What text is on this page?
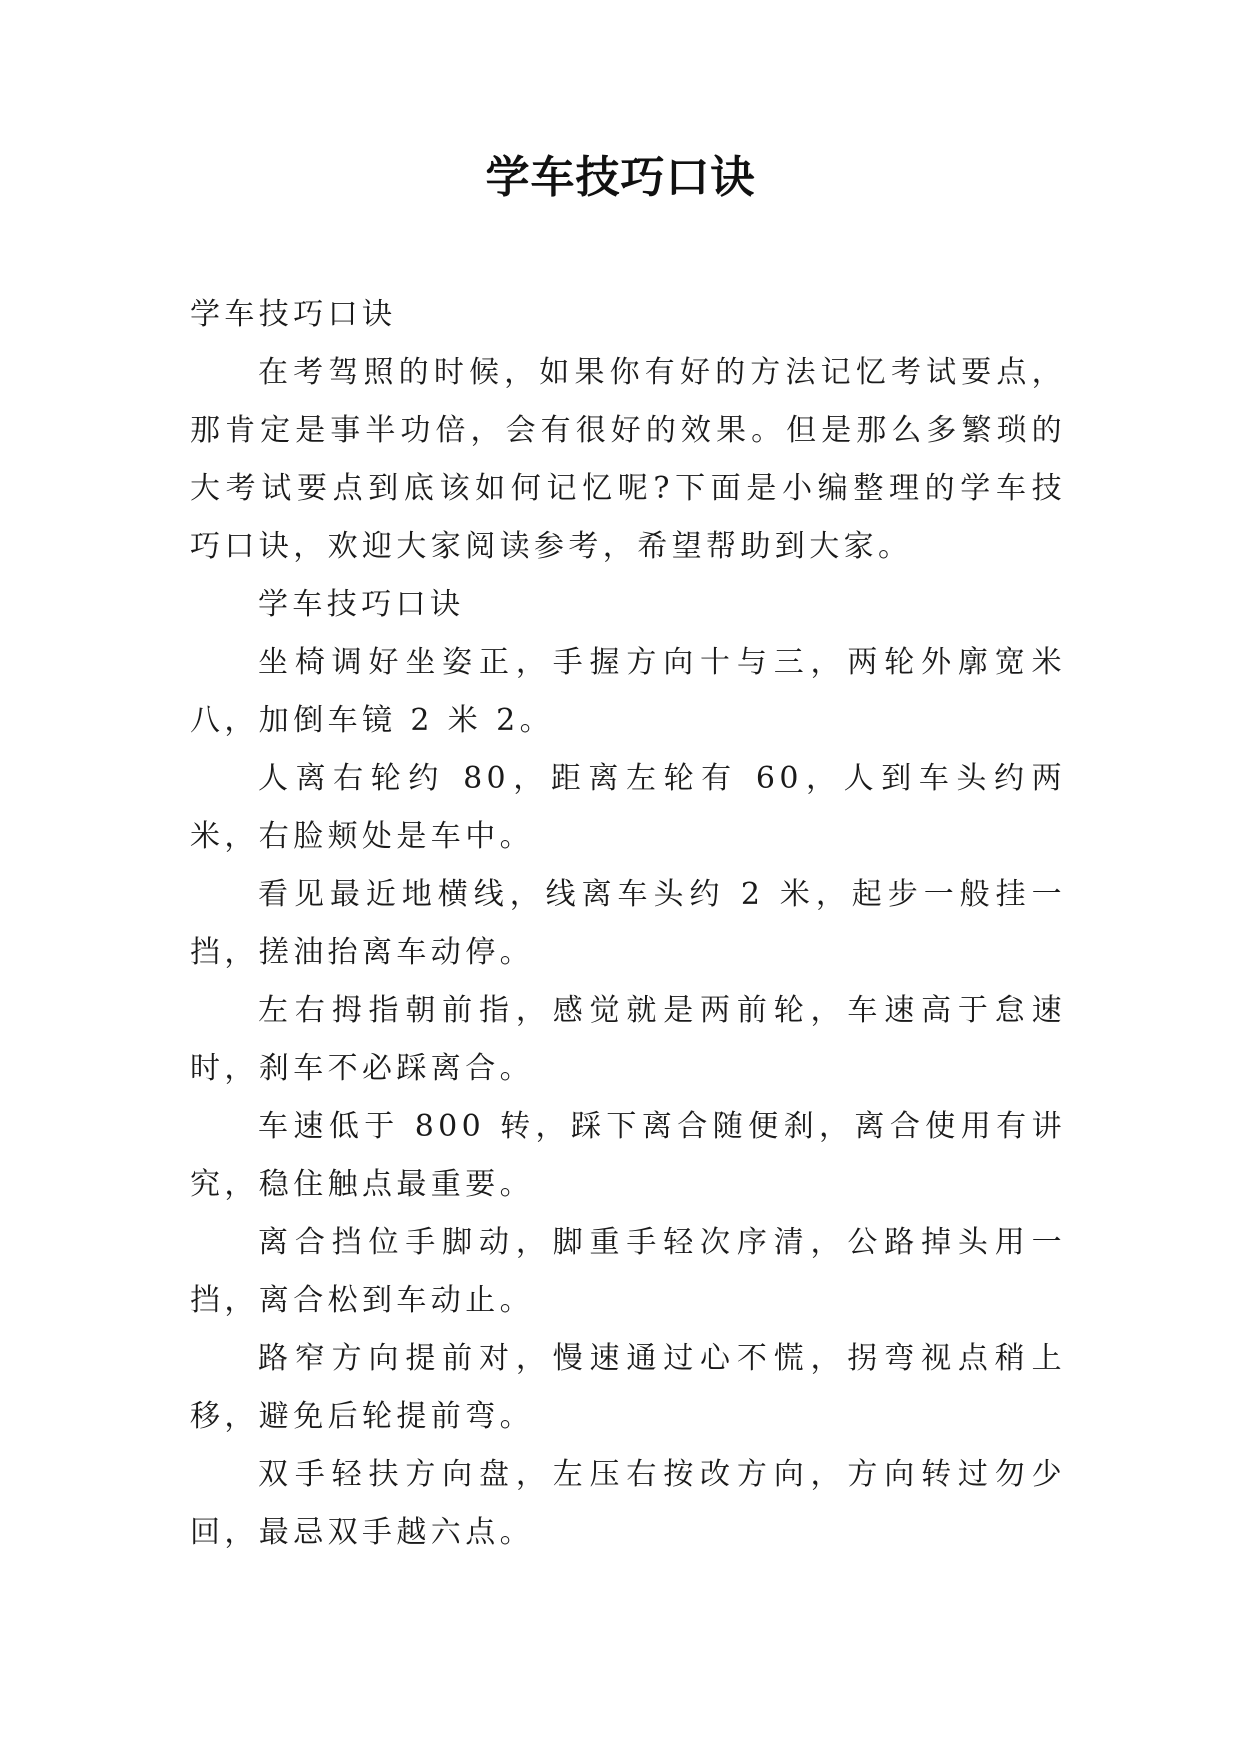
学车技巧口诀

学车技巧口诀

在考驾照的时候，如果你有好的方法记忆考试要点，那肯定是事半功倍，会有很好的效果。但是那么多繁琐的大考试要点到底该如何记忆呢?下面是小编整理的学车技巧口诀，欢迎大家阅读参考，希望帮助到大家。

学车技巧口诀

坐椅调好坐姿正，手握方向十与三，两轮外廓宽米八，加倒车镜 2 米 2。

人离右轮约 80，距离左轮有 60，人到车头约两米，右脸颊处是车中。

看见最近地横线，线离车头约 2 米，起步一般挂一挡，搓油抬离车动停。

左右拇指朝前指，感觉就是两前轮，车速高于怠速时，刹车不必踩离合。

车速低于 800 转，踩下离合随便刹，离合使用有讲究，稳住触点最重要。

离合挡位手脚动，脚重手轻次序清，公路掉头用一挡，离合松到车动止。

路窄方向提前对，慢速通过心不慌，拐弯视点稍上移，避免后轮提前弯。

双手轻扶方向盘，左压右按改方向，方向转过勿少回，最忌双手越六点。
